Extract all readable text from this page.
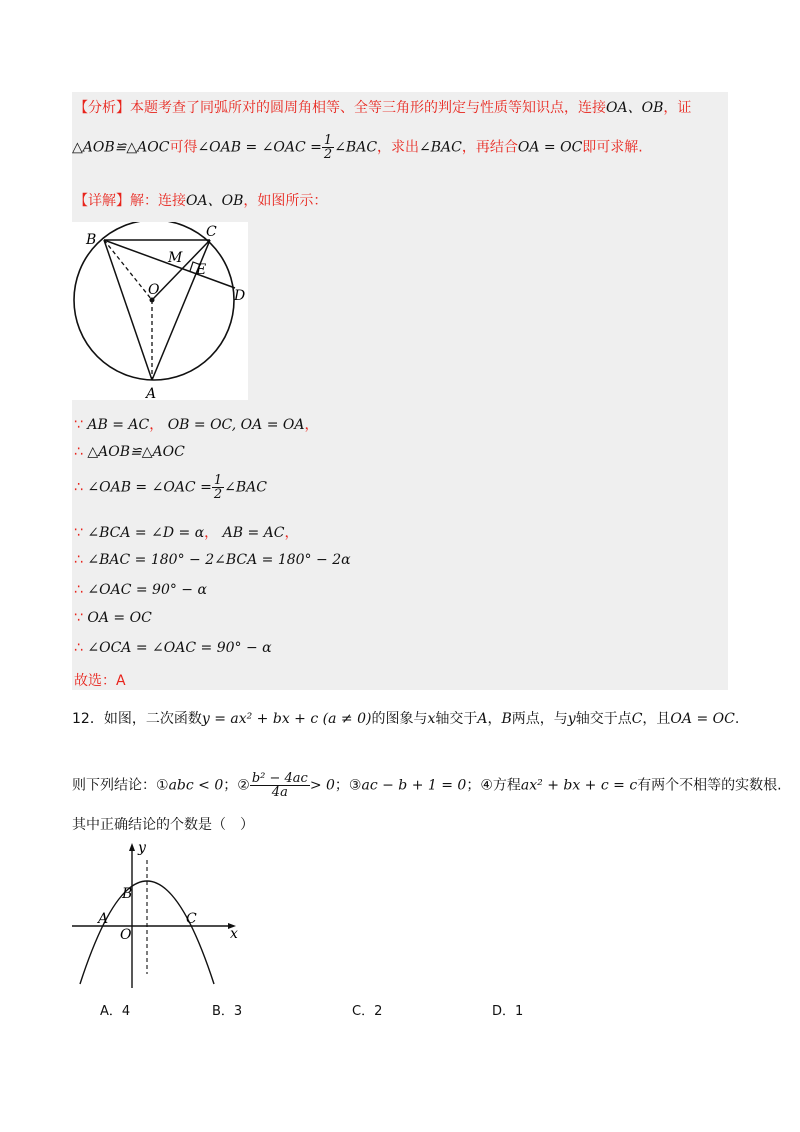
【分析】本题考查了同弧所对的圆周角相等、全等三角形的判定与性质等知识点，连接OA、OB，证
△AOB≌△AOC可得∠OAB = ∠OAC = $\frac{1}{2}$ ∠BAC，求出∠BAC，再结合OA = OC即可求解.
【详解】解：连接OA、OB，如图所示：
B	C
M
E
O	D
A
∵ AB = AC， OB = OC, OA = OA，
∴ △AOB≌△AOC
∴ ∠OAB = ∠OAC = $\frac{1}{2}$ ∠BAC
∵ ∠BCA = ∠D = α， AB = AC，
∴ ∠BAC = 180° − 2∠BCA = 180° − 2α
∴ ∠OAC = 90° − α
∵ OA = OC
∴ ∠OCA = ∠OAC = 90° − α
故选：A
12．如图，二次函数y = ax² + bx + c (a ≠ 0)的图象与x轴交于A，B两点，与y轴交于点C，且OA = OC.
则下列结论：①abc < 0；② $\frac{\text{b² − 4ac}}{4a} > 0$；③ac − b + 1 = 0；④方程ax² + bx + c = c有两个不相等的实数根.
其中正确结论的个数是（　）
y
x
B
A	C
O
A．4	B．3	C．2	D．1
